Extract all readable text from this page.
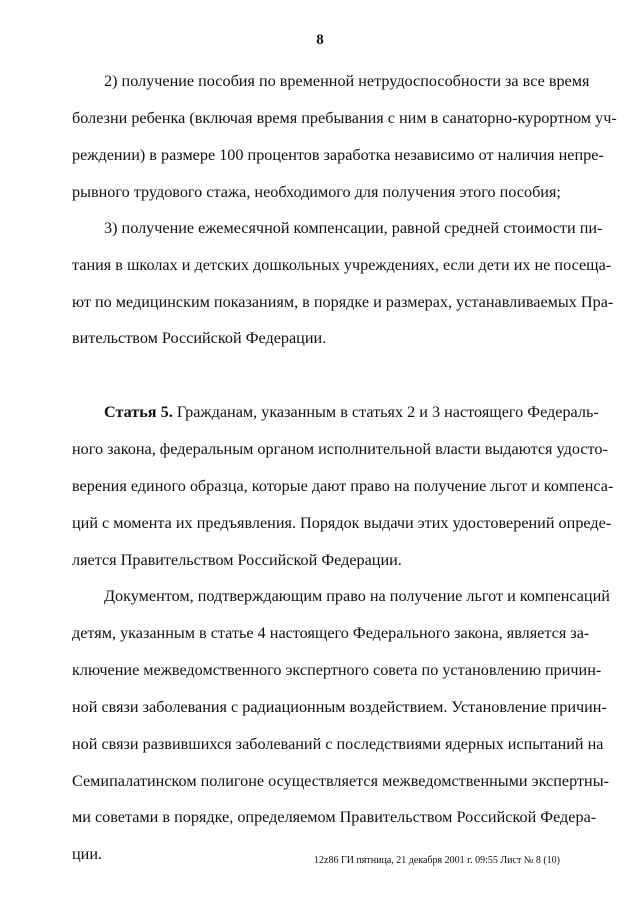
8
2) получение пособия по временной нетрудоспособности за все время
болезни ребенка (включая время пребывания с ним в санаторно-курортном уч-
реждении) в размере 100 процентов заработка независимо от наличия непре-
рывного трудового стажа, необходимого для получения этого пособия;
3) получение ежемесячной компенсации, равной средней стоимости пи-
тания в школах и детских дошкольных учреждениях, если дети их не посеща-
ют по медицинским показаниям, в порядке и размерах, устанавливаемых Пра-
вительством Российской Федерации.
Статья 5. Гражданам, указанным в статьях 2 и 3 настоящего Федераль-
ного закона, федеральным органом исполнительной власти выдаются удосто-
верения единого образца, которые дают право на получение льгот и компенса-
ций с момента их предъявления. Порядок выдачи этих удостоверений опреде-
ляется Правительством Российской Федерации.
Документом, подтверждающим право на получение льгот и компенсаций
детям, указанным в статье 4 настоящего Федерального закона, является за-
ключение межведомственного экспертного совета по установлению причин-
ной связи заболевания с радиационным воздействием. Установление причин-
ной связи развившихся заболеваний с последствиями ядерных испытаний на
Семипалатинском полигоне осуществляется межведомственными экспертны-
ми советами в порядке, определяемом Правительством Российской Федера-
ции.	12z86 ГИ пятница, 21 декабря 2001 г. 09:55 Лист № 8 (10)
